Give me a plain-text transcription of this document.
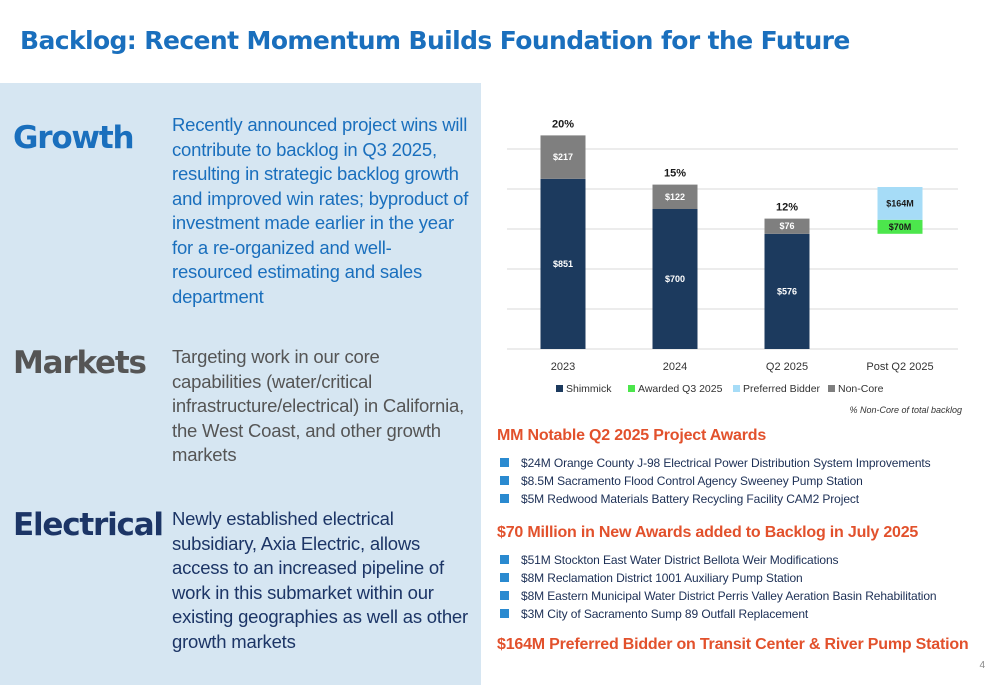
Backlog: Recent Momentum Builds Foundation for the Future
Growth Recently announced project wins will contribute to backlog in Q3 2025, resulting in strategic backlog growth and improved win rates; byproduct of investment made earlier in the year for a re-organized and well-resourced estimating and sales department
Markets Targeting work in our core capabilities (water/critical infrastructure/electrical) in California, the West Coast, and other growth markets
Electrical Newly established electrical subsidiary, Axia Electric, allows access to an increased pipeline of work in this submarket within our existing geographies as well as other growth markets
$851
$217
20%
2023
$700
$122
15%
2024
$576
$76
12%
Q2 2025
$70M
$164M
Post Q2 2025
Shimmick	Awarded Q3 2025 Preferred Bidder Non-Core
% Non-Core of total backlog
MM Notable Q2 2025 Project Awards
$24M Orange County J-98 Electrical Power Distribution System Improvements
$8.5M Sacramento Flood Control Agency Sweeney Pump Station
$5M Redwood Materials Battery Recycling Facility CAM2 Project
$70 Million in New Awards added to Backlog in July 2025
$51M Stockton East Water District Bellota Weir Modifications
$8M Reclamation District 1001 Auxiliary Pump Station
$8M Eastern Municipal Water District Perris Valley Aeration Basin Rehabilitation
$3M City of Sacramento Sump 89 Outfall Replacement
$164M Preferred Bidder on Transit Center & River Pump Station
4
